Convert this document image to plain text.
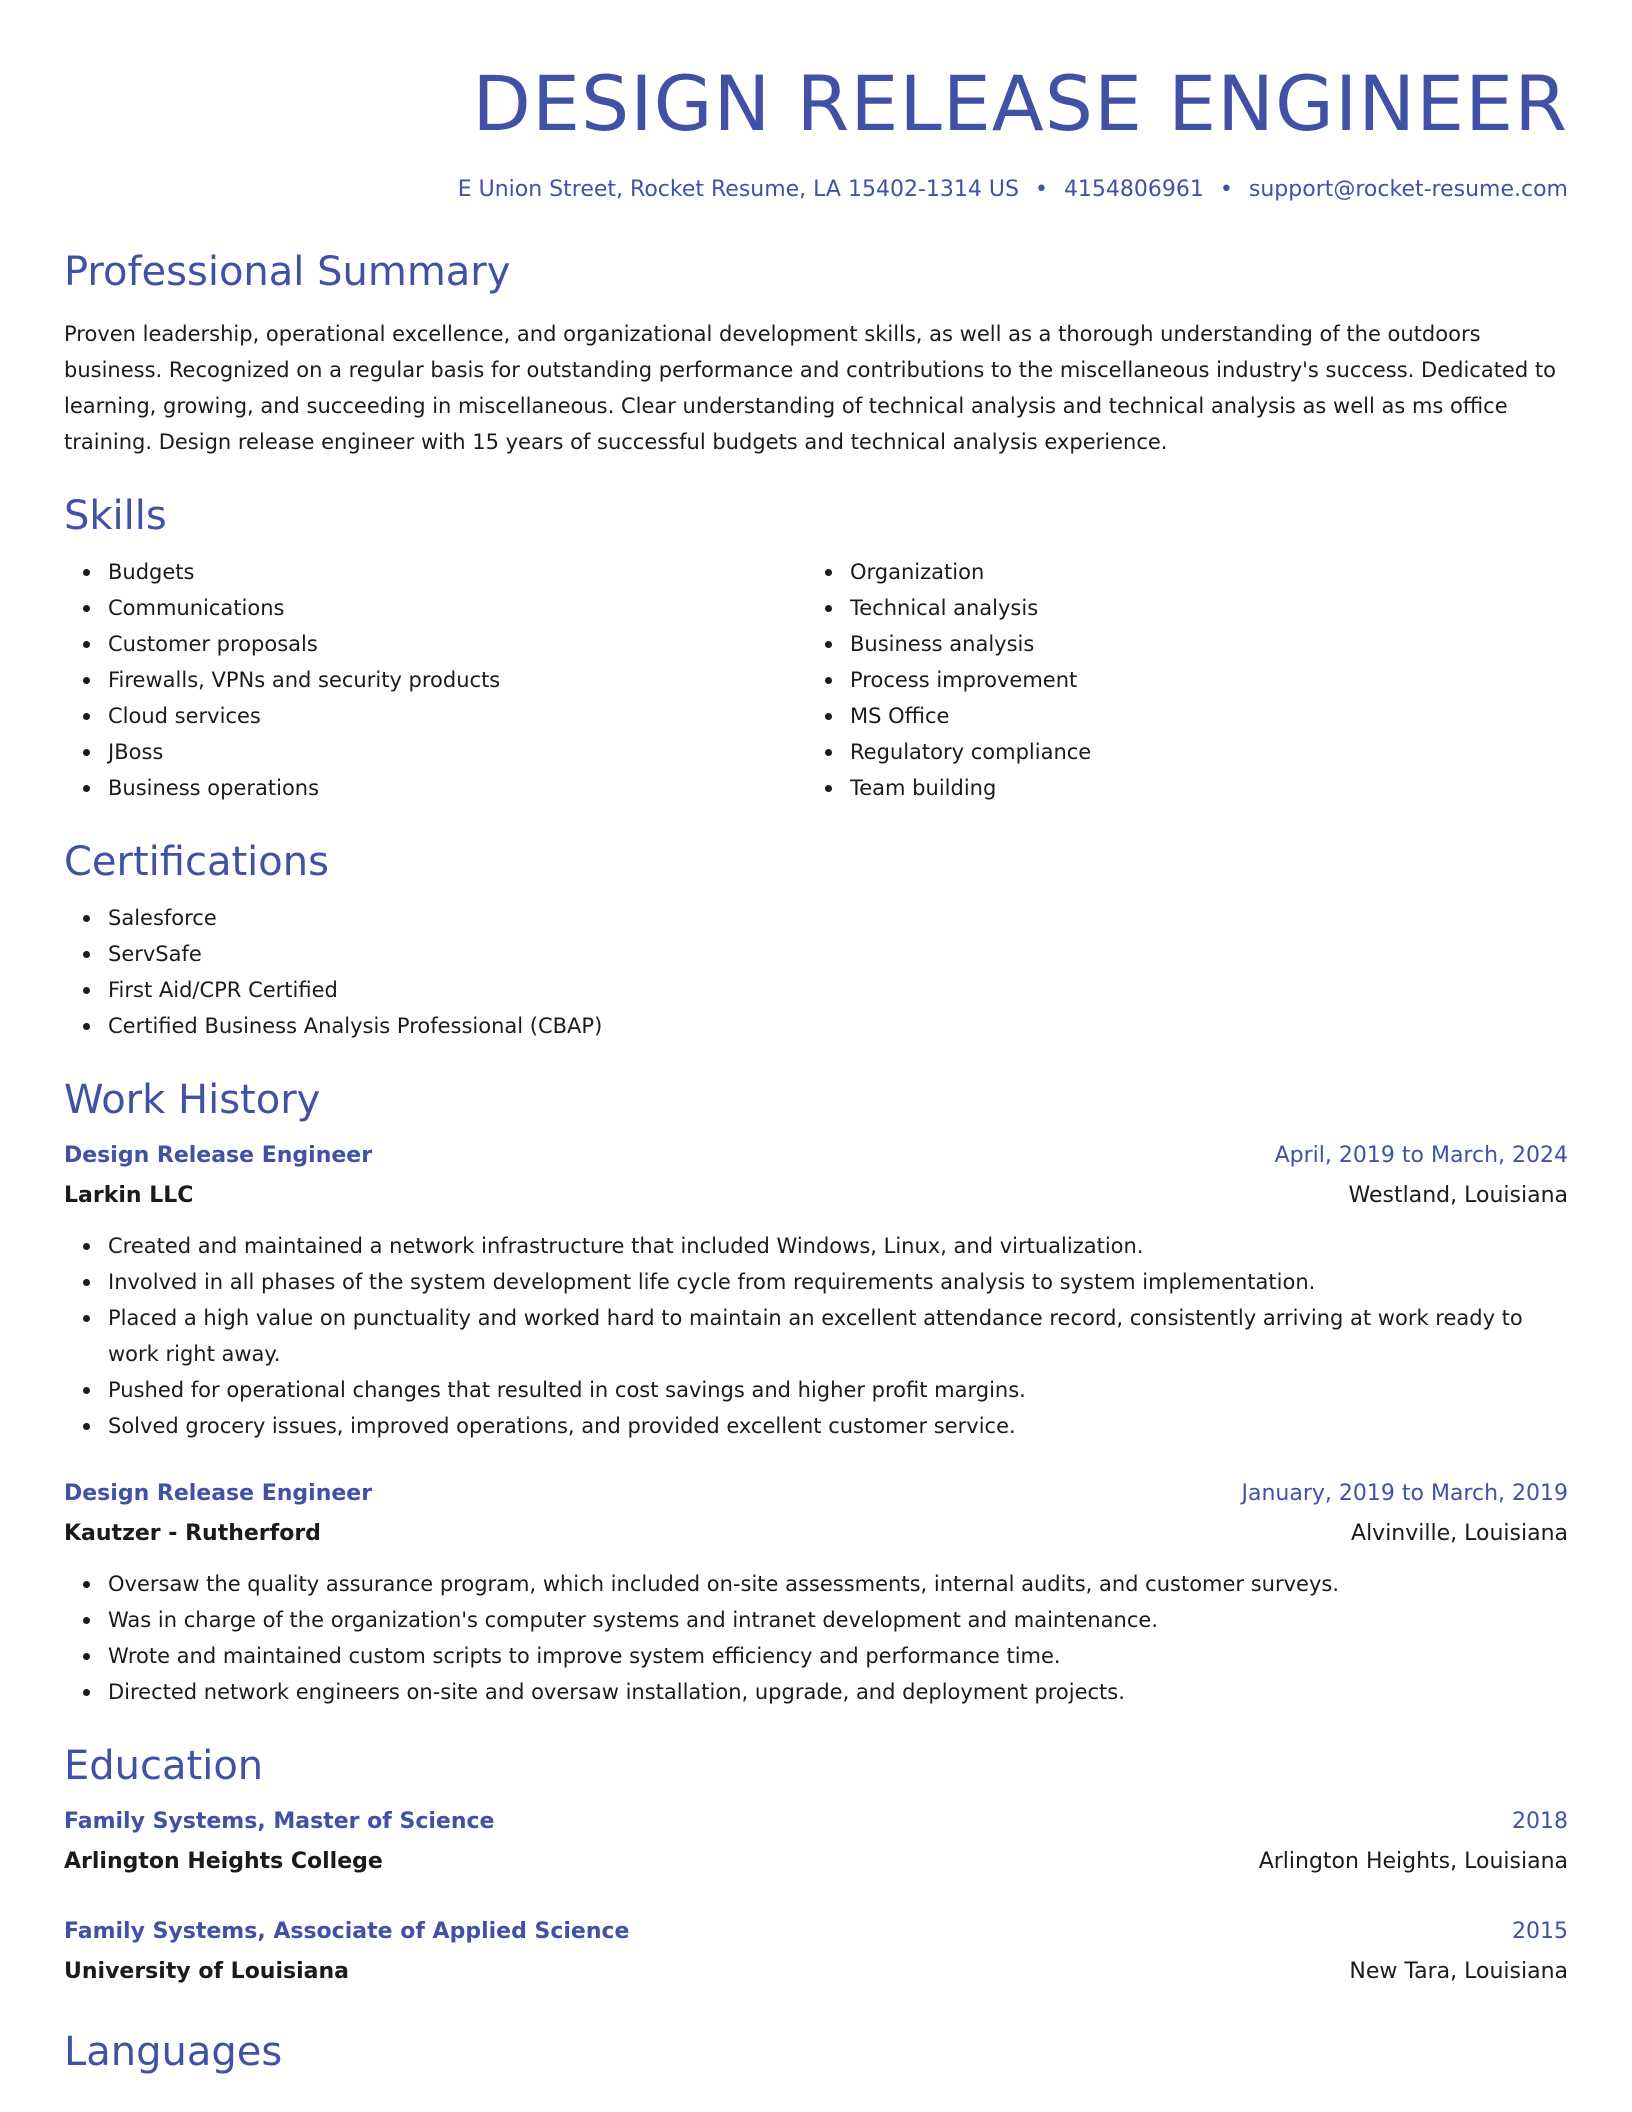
DESIGN RELEASE ENGINEER
E Union Street, Rocket Resume, LA 15402-1314 US • 4154806961 • support@rocket-resume.com
Professional Summary
Proven leadership, operational excellence, and organizational development skills, as well as a thorough understanding of the outdoors business. Recognized on a regular basis for outstanding performance and contributions to the miscellaneous industry's success. Dedicated to learning, growing, and succeeding in miscellaneous. Clear understanding of technical analysis and technical analysis as well as ms office training. Design release engineer with 15 years of successful budgets and technical analysis experience.
Skills
Budgets
Communications
Customer proposals
Firewalls, VPNs and security products
Cloud services
JBoss
Business operations
Organization
Technical analysis
Business analysis
Process improvement
MS Office
Regulatory compliance
Team building
Certifications
Salesforce
ServSafe
First Aid/CPR Certified
Certified Business Analysis Professional (CBAP)
Work History
Design Release Engineer	April, 2019 to March, 2024
Larkin LLC	Westland, Louisiana
Created and maintained a network infrastructure that included Windows, Linux, and virtualization.
Involved in all phases of the system development life cycle from requirements analysis to system implementation.
Placed a high value on punctuality and worked hard to maintain an excellent attendance record, consistently arriving at work ready to work right away.
Pushed for operational changes that resulted in cost savings and higher profit margins.
Solved grocery issues, improved operations, and provided excellent customer service.
Design Release Engineer	January, 2019 to March, 2019
Kautzer - Rutherford	Alvinville, Louisiana
Oversaw the quality assurance program, which included on-site assessments, internal audits, and customer surveys.
Was in charge of the organization's computer systems and intranet development and maintenance.
Wrote and maintained custom scripts to improve system efficiency and performance time.
Directed network engineers on-site and oversaw installation, upgrade, and deployment projects.
Education
Family Systems, Master of Science	2018
Arlington Heights College	Arlington Heights, Louisiana
Family Systems, Associate of Applied Science	2015
University of Louisiana	New Tara, Louisiana
Languages
